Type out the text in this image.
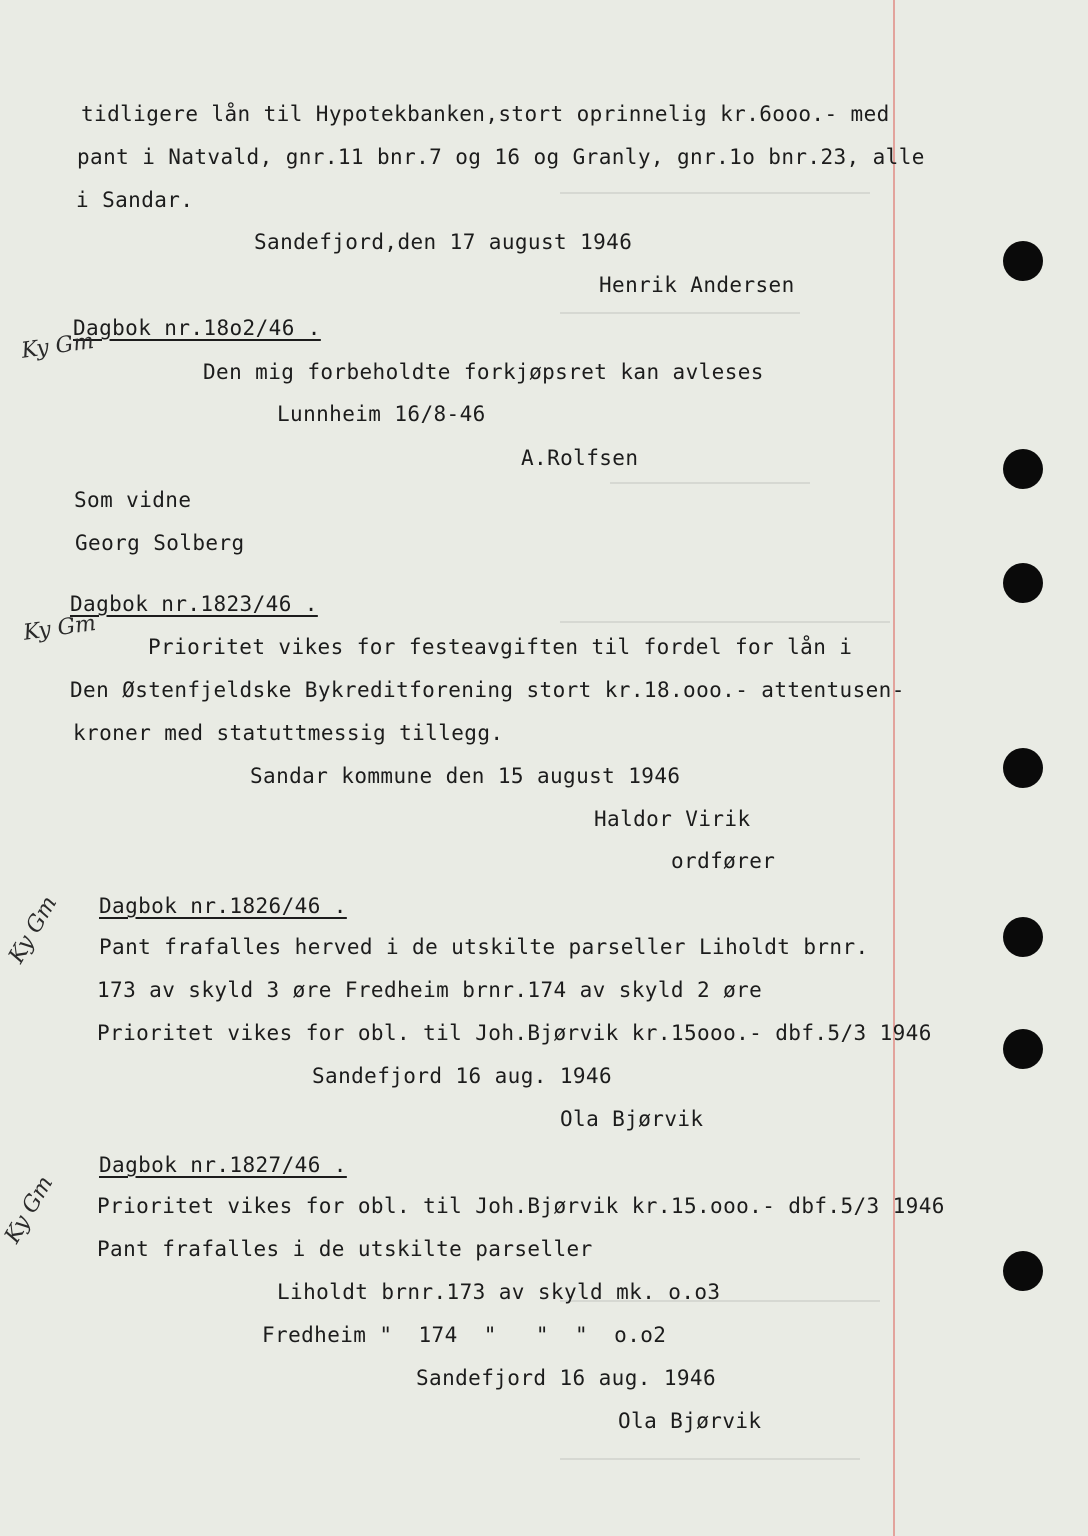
tidligere lån til Hypotekbanken,stort oprinnelig kr.6ooo.- med
pant i Natvald, gnr.11 bnr.7 og 16 og Granly, gnr.1o bnr.23, alle
i Sandar.
Sandefjord,den 17 august 1946
Henrik Andersen
Dagbok nr.18o2/46 .
Ky Gm
Den mig forbeholdte forkjøpsret kan avleses
Lunnheim 16/8-46
A.Rolfsen
Som vidne
Georg Solberg
Dagbok nr.1823/46 .
Ky Gm
Prioritet vikes for festeavgiften til fordel for lån i
Den Østenfjeldske Bykreditforening stort kr.18.ooo.- attentusen-
kroner med statuttmessig tillegg.
Sandar kommune den 15 august 1946
Haldor Virik
ordfører
Dagbok nr.1826/46 .
Ky Gm Pant frafalles herved i de utskilte parseller Liholdt brnr.
173 av skyld 3 øre Fredheim brnr.174 av skyld 2 øre
Prioritet vikes for obl. til Joh.Bjørvik kr.15ooo.- dbf.5/3 1946
Sandefjord 16 aug. 1946
Ola Bjørvik
Dagbok nr.1827/46 .
Ky Gm Prioritet vikes for obl. til Joh.Bjørvik kr.15.ooo.- dbf.5/3 1946
Pant frafalles i de utskilte parseller
Liholdt brnr.173 av skyld mk. o.o3
Fredheim "  174  "   "  "  o.o2
Sandefjord 16 aug. 1946
Ola Bjørvik
